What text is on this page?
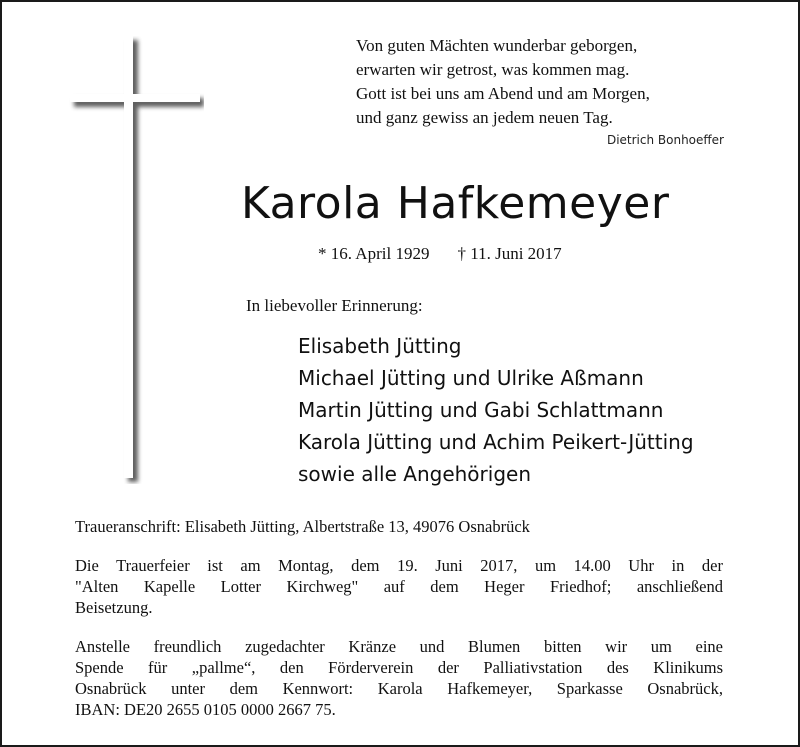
Von guten Mächten wunderbar geborgen,
erwarten wir getrost, was kommen mag.
Gott ist bei uns am Abend und am Morgen,
und ganz gewiss an jedem neuen Tag.
Dietrich Bonhoeffer
Karola Hafkemeyer
* 16. April 1929 † 11. Juni 2017
In liebevoller Erinnerung:
Elisabeth Jütting
Michael Jütting und Ulrike Aßmann
Martin Jütting und Gabi Schlattmann
Karola Jütting und Achim Peikert-Jütting
sowie alle Angehörigen
Traueranschrift: Elisabeth Jütting, Albertstraße 13, 49076 Osnabrück
Die Trauerfeier ist am Montag, dem 19. Juni 2017, um 14.00 Uhr in der
"Alten Kapelle Lotter Kirchweg" auf dem Heger Friedhof; anschließend
Beisetzung.
Anstelle freundlich zugedachter Kränze und Blumen bitten wir um eine
Spende für „pallme“, den Förderverein der Palliativstation des Klinikums
Osnabrück unter dem Kennwort: Karola Hafkemeyer, Sparkasse Osnabrück,
IBAN: DE20 2655 0105 0000 2667 75.
